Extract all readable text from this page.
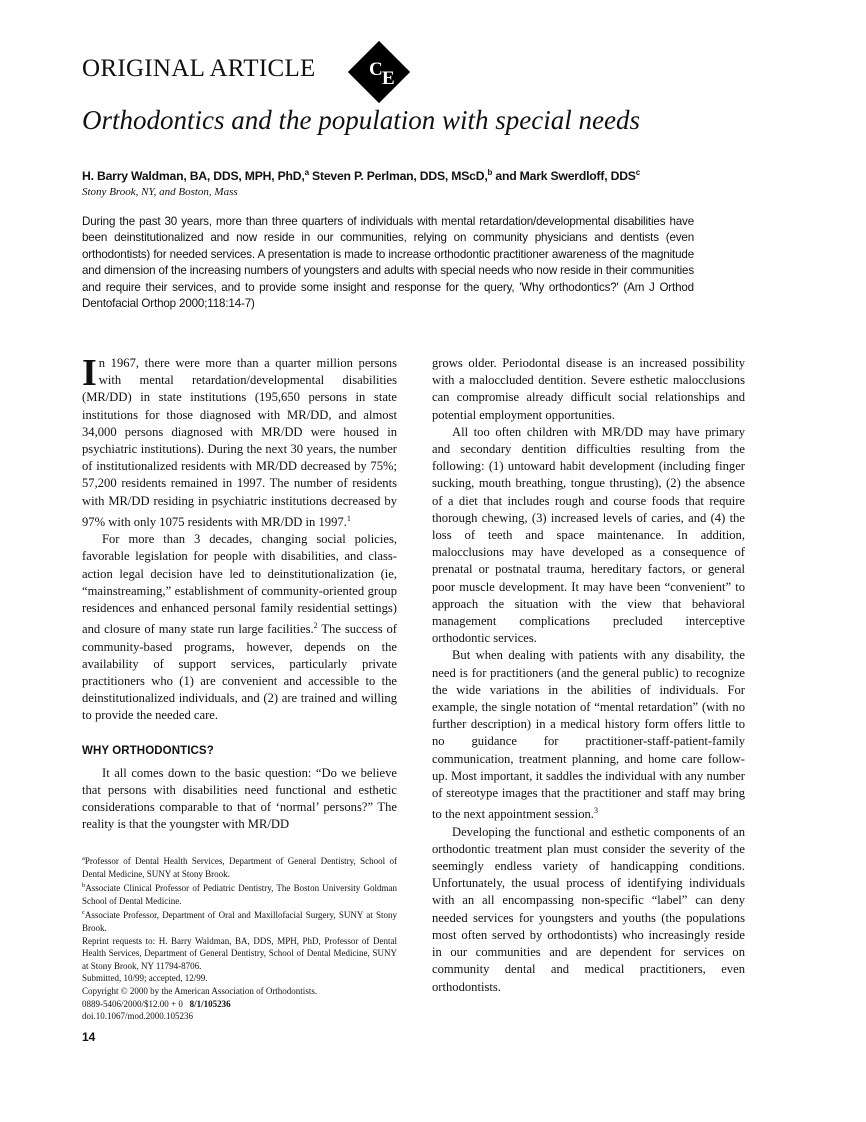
ORIGINAL ARTICLE	C E
Orthodontics and the population with special needs
H. Barry Waldman, BA, DDS, MPH, PhD,$^a$ Steven P. Perlman, DDS, MScD,$^b$ and Mark Swerdloff, DDS$^c$
Stony Brook, NY, and Boston, Mass
During the past 30 years, more than three quarters of individuals with mental retardation/developmental disabilities have been deinstitutionalized and now reside in our communities, relying on community physicians and dentists (even orthodontists) for needed services. A presentation is made to increase orthodontic practitioner awareness of the magnitude and dimension of the increasing numbers of youngsters and adults with special needs who now reside in their communities and require their services, and to provide some insight and response for the query, 'Why orthodontics?' (Am J Orthod Dentofacial Orthop 2000;118:14-7)

In 1967, there were more than a quarter million persons with mental retardation/developmental disabilities (MR/DD) in state institutions (195,650 persons in state institutions for those diagnosed with MR/DD, and almost 34,000 persons diagnosed with MR/DD were housed in psychiatric institutions). During the next 30 years, the number of institutionalized residents with MR/DD decreased by 75%; 57,200 residents remained in 1997. The number of residents with MR/DD residing in psychiatric institutions decreased by 97% with only 1075 residents with MR/DD in 1997.$^1$

For more than 3 decades, changing social policies, favorable legislation for people with disabilities, and class-action legal decision have led to deinstitutionalization (ie, “mainstreaming,” establishment of community-oriented group residences and enhanced personal family residential settings) and closure of many state run large facilities.$^2$ The success of community-based programs, however, depends on the availability of support services, particularly private practitioners who (1) are convenient and accessible to the deinstitutionalized individuals, and (2) are trained and willing to provide the needed care.

WHY ORTHODONTICS?

It all comes down to the basic question: “Do we believe that persons with disabilities need functional and esthetic considerations comparable to that of ‘normal’ persons?” The reality is that the youngster with MR/DD

grows older. Periodontal disease is an increased possibility with a maloccluded dentition. Severe esthetic malocclusions can compromise already difficult social relationships and potential employment opportunities.

All too often children with MR/DD may have primary and secondary dentition difficulties resulting from the following: (1) untoward habit development (including finger sucking, mouth breathing, tongue thrusting), (2) the absence of a diet that includes rough and course foods that require thorough chewing, (3) increased levels of caries, and (4) the loss of teeth and space maintenance. In addition, malocclusions may have developed as a consequence of prenatal or postnatal trauma, hereditary factors, or general poor muscle development. It may have been “convenient” to approach the situation with the view that behavioral management complications precluded interceptive orthodontic services.

But when dealing with patients with any disability, the need is for practitioners (and the general public) to recognize the wide variations in the abilities of individuals. For example, the single notation of “mental retardation” (with no further description) in a medical history form offers little to no guidance for practitioner-staff-patient-family communication, treatment planning, and home care follow-up. Most important, it saddles the individual with any number of stereotype images that the practitioner and staff may bring to the next appointment session.$^3$

Developing the functional and esthetic components of an orthodontic treatment plan must consider the severity of the seemingly endless variety of handicapping conditions. Unfortunately, the usual process of identifying individuals with an all encompassing non-specific “label” can deny needed services for youngsters and youths (the populations most often served by orthodontists) who increasingly reside in our communities and are dependent for services on community dental and medical practitioners, even orthodontists.

$^a$Professor of Dental Health Services, Department of General Dentistry, School of Dental Medicine, SUNY at Stony Brook.
$^b$Associate Clinical Professor of Pediatric Dentistry, The Boston University Goldman School of Dental Medicine.
$^c$Associate Professor, Department of Oral and Maxillofacial Surgery, SUNY at Stony Brook.
Reprint requests to: H. Barry Waldman, BA, DDS, MPH, PhD, Professor of Dental Health Services, Department of General Dentistry, School of Dental Medicine, SUNY at Stony Brook, NY 11794-8706.
Submitted, 10/99; accepted, 12/99.
Copyright © 2000 by the American Association of Orthodontists.
0889-5406/2000/$12.00 + 0 8/1/105236
doi.10.1067/mod.2000.105236
14
